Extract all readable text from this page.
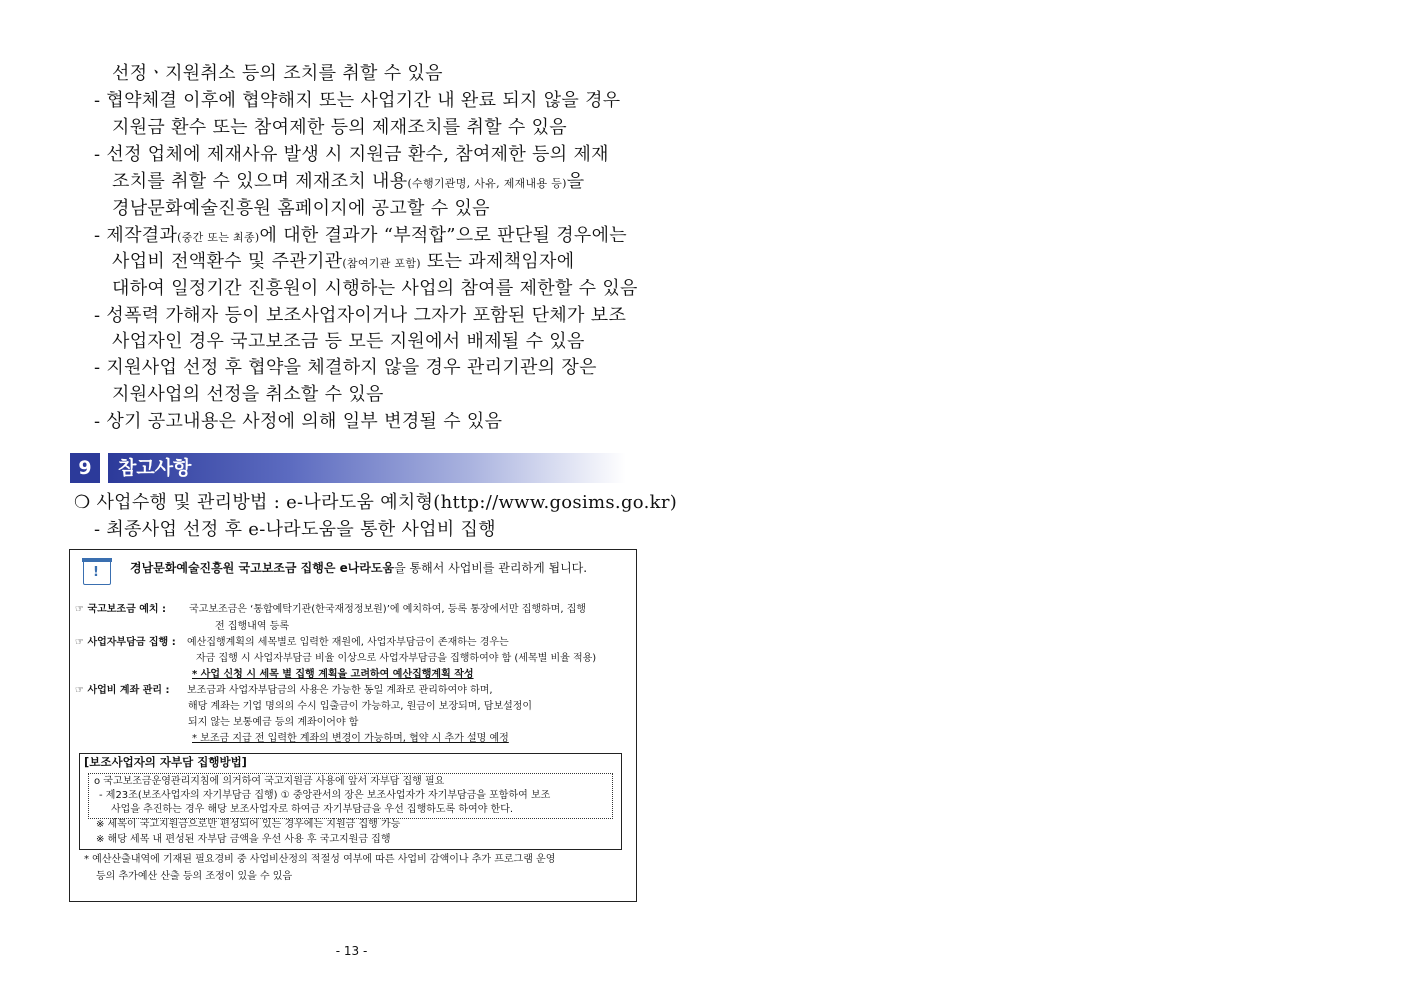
선정ㆍ지원취소 등의 조치를 취할 수 있음
- 협약체결 이후에 협약해지 또는 사업기간 내 완료 되지 않을 경우
지원금 환수 또는 참여제한 등의 제재조치를 취할 수 있음
- 선정 업체에 제재사유 발생 시 지원금 환수, 참여제한 등의 제재
조치를 취할 수 있으며 제재조치 내용(수행기관명, 사유, 제재내용 등)을
경남문화예술진흥원 홈페이지에 공고할 수 있음
- 제작결과(중간 또는 최종)에 대한 결과가 “부적합”으로 판단될 경우에는
사업비 전액환수 및 주관기관(참여기관 포함) 또는 과제책임자에
대하여 일정기간 진흥원이 시행하는 사업의 참여를 제한할 수 있음
- 성폭력 가해자 등이 보조사업자이거나 그자가 포함된 단체가 보조
사업자인 경우 국고보조금 등 모든 지원에서 배제될 수 있음
- 지원사업 선정 후 협약을 체결하지 않을 경우 관리기관의 장은
지원사업의 선정을 취소할 수 있음
- 상기 공고내용은 사정에 의해 일부 변경될 수 있음
9	참고사항
❍ 사업수행 및 관리방법 : e-나라도움 예치형(http://www.gosims.go.kr)
- 최종사업 선정 후 e-나라도움을 통한 사업비 집행
!	경남문화예술진흥원 국고보조금 집행은 e나라도움을 통해서 사업비를 관리하게 됩니다.
☞ 국고보조금 예치 : 국고보조금은 ‘통합예탁기관(한국재정정보원)’에 예치하여, 등록 통장에서만 집행하며, 집행
전 집행내역 등록
☞ 사업자부담금 집행 : 예산집행계획의 세목별로 입력한 재원에, 사업자부담금이 존재하는 경우는
자금 집행 시 사업자부담금 비율 이상으로 사업자부담금을 집행하여야 함 (세목별 비율 적용)
* 사업 신청 시 세목 별 집행 계획을 고려하여 예산집행계획 작성
☞ 사업비 계좌 관리 : 보조금과 사업자부담금의 사용은 가능한 동일 계좌로 관리하여야 하며,
해당 계좌는 기업 명의의 수시 입출금이 가능하고, 원금이 보장되며, 담보설정이
되지 않는 보통예금 등의 계좌이어야 함
* 보조금 지급 전 입력한 계좌의 변경이 가능하며, 협약 시 추가 설명 예정
[보조사업자의 자부담 집행방법]
o 국고보조금운영관리지침에 의거하여 국고지원금 사용에 앞서 자부담 집행 필요
- 제23조(보조사업자의 자기부담금 집행) ① 중앙관서의 장은 보조사업자가 자기부담금을 포함하여 보조
사업을 추진하는 경우 해당 보조사업자로 하여금 자기부담금을 우선 집행하도록 하여야 한다.
※ 세목이 국고지원금으로만 편성되어 있는 경우에는 지원금 집행 가능
※ 해당 세목 내 편성된 자부담 금액을 우선 사용 후 국고지원금 집행
* 예산산출내역에 기재된 필요경비 중 사업비산정의 적절성 여부에 따른 사업비 감액이나 추가 프로그램 운영
등의 추가예산 산출 등의 조정이 있을 수 있음
- 13 -
